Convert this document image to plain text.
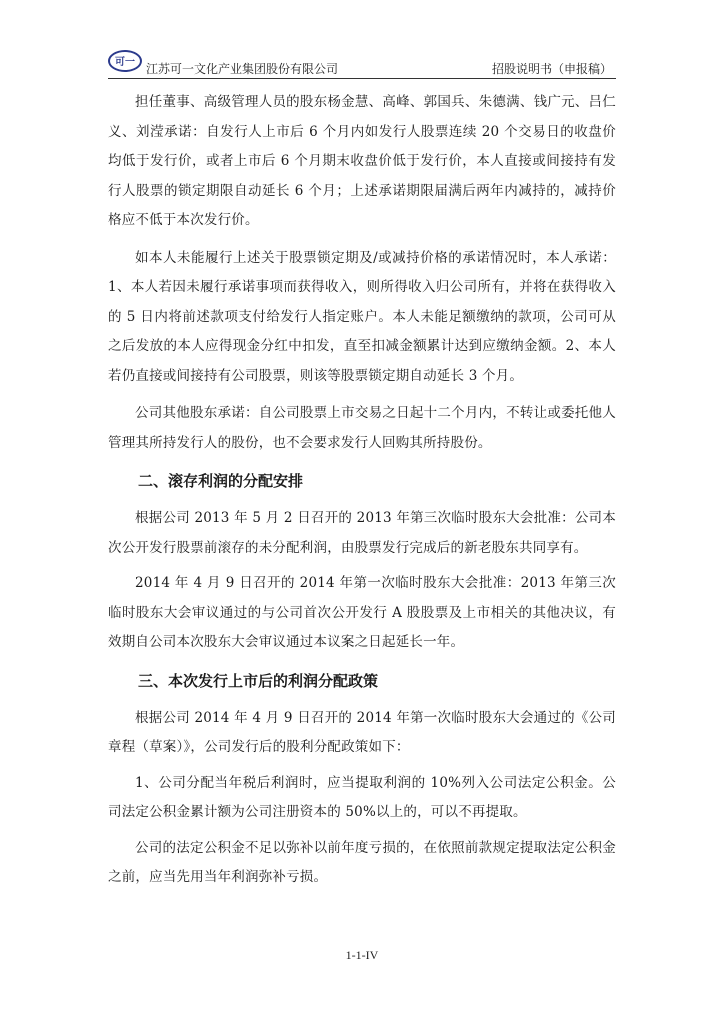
可一 江苏可一文化产业集团股份有限公司	招股说明书（申报稿）

担任董事、高级管理人员的股东杨金慧、高峰、郭国兵、朱德满、钱广元、吕仁义、刘滢承诺：自发行人上市后 6 个月内如发行人股票连续 20 个交易日的收盘价均低于发行价，或者上市后 6 个月期末收盘价低于发行价，本人直接或间接持有发行人股票的锁定期限自动延长 6 个月；上述承诺期限届满后两年内减持的，减持价格应不低于本次发行价。

如本人未能履行上述关于股票锁定期及/或减持价格的承诺情况时，本人承诺：1、本人若因未履行承诺事项而获得收入，则所得收入归公司所有，并将在获得收入的 5 日内将前述款项支付给发行人指定账户。本人未能足额缴纳的款项，公司可从之后发放的本人应得现金分红中扣发，直至扣减金额累计达到应缴纳金额。2、本人若仍直接或间接持有公司股票，则该等股票锁定期自动延长 3 个月。

公司其他股东承诺：自公司股票上市交易之日起十二个月内，不转让或委托他人管理其所持发行人的股份，也不会要求发行人回购其所持股份。

二、滚存利润的分配安排

根据公司 2013 年 5 月 2 日召开的 2013 年第三次临时股东大会批准：公司本次公开发行股票前滚存的未分配利润，由股票发行完成后的新老股东共同享有。

2014 年 4 月 9 日召开的 2014 年第一次临时股东大会批准：2013 年第三次临时股东大会审议通过的与公司首次公开发行 A 股股票及上市相关的其他决议，有效期自公司本次股东大会审议通过本议案之日起延长一年。

三、本次发行上市后的利润分配政策

根据公司 2014 年 4 月 9 日召开的 2014 年第一次临时股东大会通过的《公司章程（草案）》，公司发行后的股利分配政策如下：

1、公司分配当年税后利润时，应当提取利润的 10%列入公司法定公积金。公司法定公积金累计额为公司注册资本的 50%以上的，可以不再提取。

公司的法定公积金不足以弥补以前年度亏损的，在依照前款规定提取法定公积金之前，应当先用当年利润弥补亏损。

1-1-IV
